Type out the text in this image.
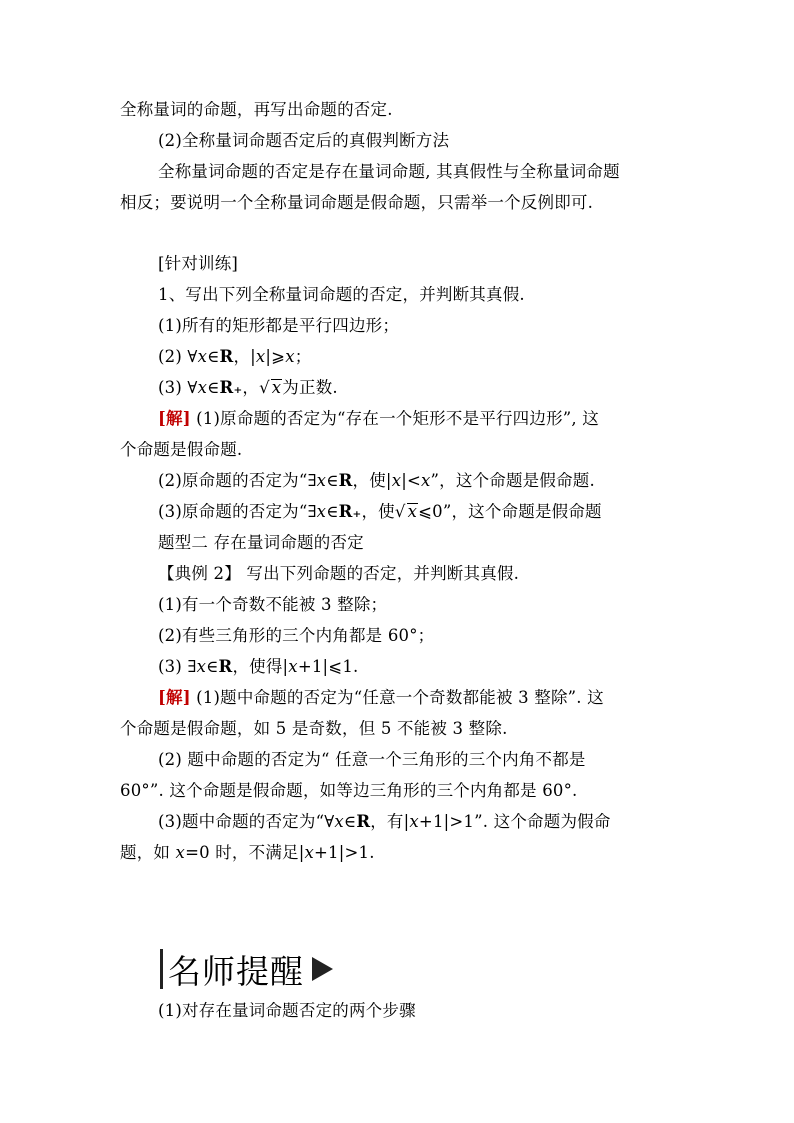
全称量词的命题，再写出命题的否定.
(2)全称量词命题否定后的真假判断方法
全称量词命题的否定是存在量词命题, 其真假性与全称量词命题
相反；要说明一个全称量词命题是假命题，只需举一个反例即可.
[针对训练]
1、写出下列全称量词命题的否定，并判断其真假.
(1)所有的矩形都是平行四边形；
(2) ∀x∈R，|x|⩾x；
(3) ∀x∈R₊，√ x为正数.
[解] (1)原命题的否定为“存在一个矩形不是平行四边形”, 这
个命题是假命题.
(2)原命题的否定为“∃x∈R，使|x|<x”，这个命题是假命题.
(3)原命题的否定为“∃x∈R₊，使√ x⩽0”，这个命题是假命题
题型二 存在量词命题的否定
【典例 2】 写出下列命题的否定，并判断其真假.
(1)有一个奇数不能被 3 整除；
(2)有些三角形的三个内角都是 60°；
(3) ∃x∈R，使得|x+1|⩽1.
[解] (1)题中命题的否定为“任意一个奇数都能被 3 整除”. 这
个命题是假命题，如 5 是奇数，但 5 不能被 3 整除.
(2) 题中命题的否定为“ 任意一个三角形的三个内角不都是
60°”. 这个命题是假命题，如等边三角形的三个内角都是 60°.
(3)题中命题的否定为“∀x∈R，有|x+1|>1”. 这个命题为假命
题，如 x=0 时，不满足|x+1|>1.
名师提醒
(1)对存在量词命题否定的两个步骤
